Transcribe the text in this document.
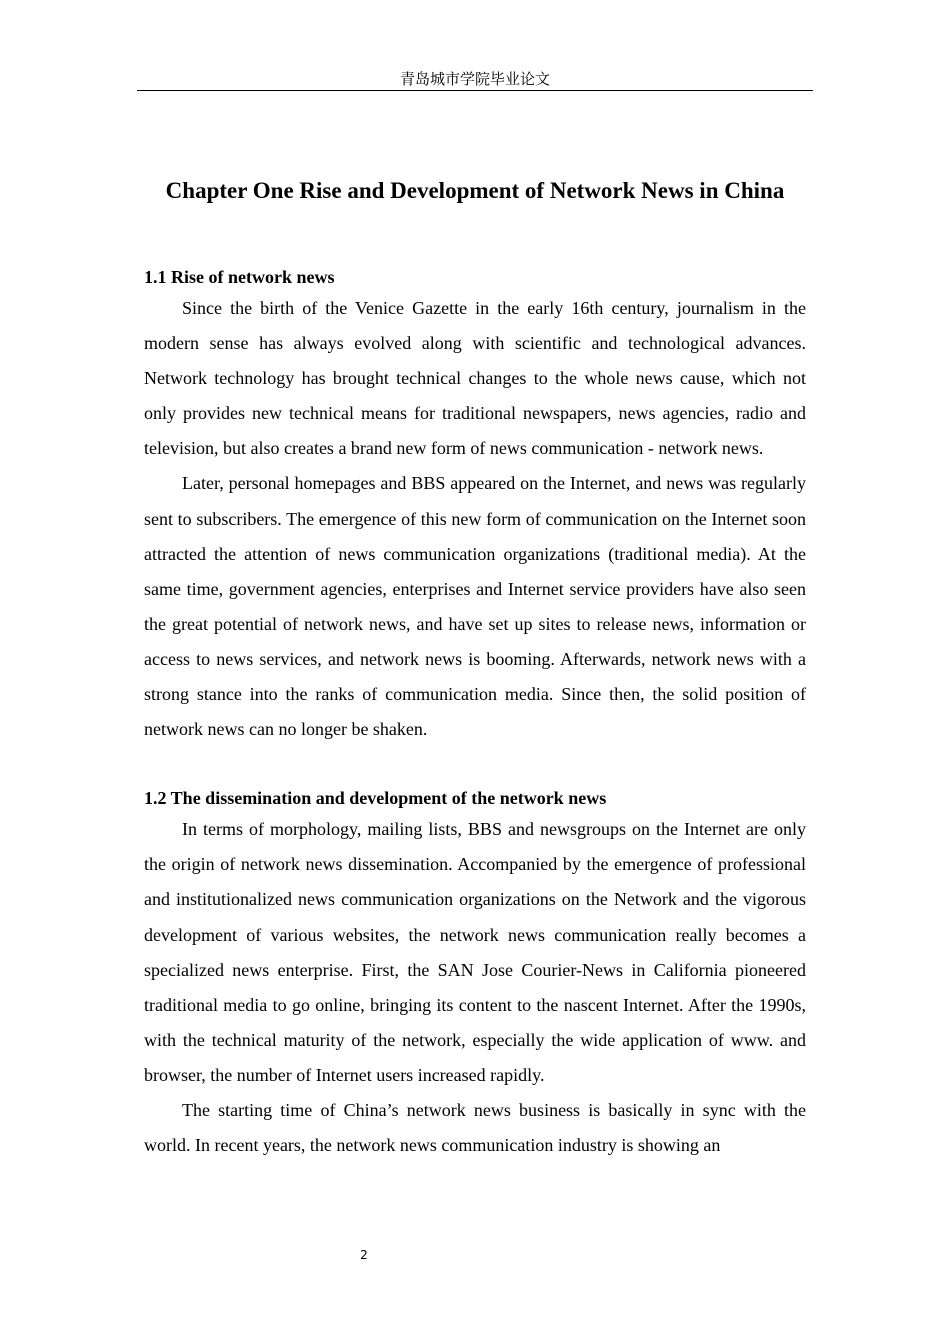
青岛城市学院毕业论文
Chapter One Rise and Development of Network News in China
1.1 Rise of network news

Since the birth of the Venice Gazette in the early 16th century, journalism in the modern sense has always evolved along with scientific and technological advances. Network technology has brought technical changes to the whole news cause, which not only provides new technical means for traditional newspapers, news agencies, radio and television, but also creates a brand new form of news communication - network news.

Later, personal homepages and BBS appeared on the Internet, and news was regularly sent to subscribers. The emergence of this new form of communication on the Internet soon attracted the attention of news communication organizations (traditional media). At the same time, government agencies, enterprises and Internet service providers have also seen the great potential of network news, and have set up sites to release news, information or access to news services, and network news is booming. Afterwards, network news with a strong stance into the ranks of communication media. Since then, the solid position of network news can no longer be shaken.

1.2 The dissemination and development of the network news

In terms of morphology, mailing lists, BBS and newsgroups on the Internet are only the origin of network news dissemination. Accompanied by the emergence of professional and institutionalized news communication organizations on the Network and the vigorous development of various websites, the network news communication really becomes a specialized news enterprise. First, the SAN Jose Courier-News in California pioneered traditional media to go online, bringing its content to the nascent Internet. After the 1990s, with the technical maturity of the network, especially the wide application of www. and browser, the number of Internet users increased rapidly.

The starting time of China’s network news business is basically in sync with the world. In recent years, the network news communication industry is showing an

2
